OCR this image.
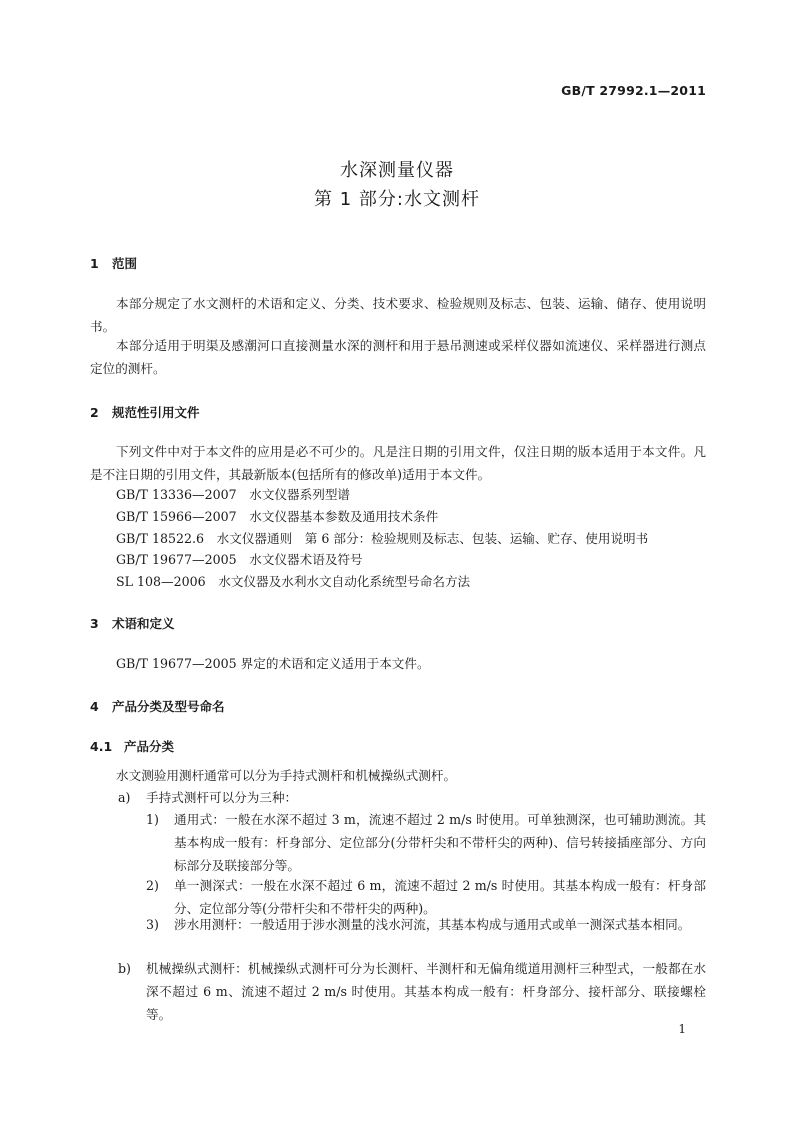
GB/T 27992.1—2011
水深测量仪器
第 1 部分:水文测杆
1 范围
本部分规定了水文测杆的术语和定义、分类、技术要求、检验规则及标志、包装、运输、储存、使用说明书。
本部分适用于明渠及感潮河口直接测量水深的测杆和用于悬吊测速或采样仪器如流速仪、采样器进行测点定位的测杆。
2 规范性引用文件
下列文件中对于本文件的应用是必不可少的。凡是注日期的引用文件，仅注日期的版本适用于本文件。凡是不注日期的引用文件，其最新版本(包括所有的修改单)适用于本文件。
GB/T 13336—2007　水文仪器系列型谱
GB/T 15966—2007　水文仪器基本参数及通用技术条件
GB/T 18522.6　水文仪器通则　第 6 部分：检验规则及标志、包装、运输、贮存、使用说明书
GB/T 19677—2005　水文仪器术语及符号
SL 108—2006　水文仪器及水利水文自动化系统型号命名方法
3 术语和定义
GB/T 19677—2005 界定的术语和定义适用于本文件。
4 产品分类及型号命名
4.1 产品分类
水文测验用测杆通常可以分为手持式测杆和机械操纵式测杆。
a) 手持式测杆可以分为三种：
1) 通用式：一般在水深不超过 3 m，流速不超过 2 m/s 时使用。可单独测深，也可辅助测流。其基本构成一般有：杆身部分、定位部分(分带杆尖和不带杆尖的两种)、信号转接插座部分、方向标部分及联接部分等。
2) 单一测深式：一般在水深不超过 6 m，流速不超过 2 m/s 时使用。其基本构成一般有：杆身部分、定位部分等(分带杆尖和不带杆尖的两种)。
3) 涉水用测杆：一般适用于涉水测量的浅水河流，其基本构成与通用式或单一测深式基本相同。
b) 机械操纵式测杆：机械操纵式测杆可分为长测杆、半测杆和无偏角缆道用测杆三种型式，一般都在水深不超过 6 m、流速不超过 2 m/s 时使用。其基本构成一般有：杆身部分、接杆部分、联接螺栓等。
1
